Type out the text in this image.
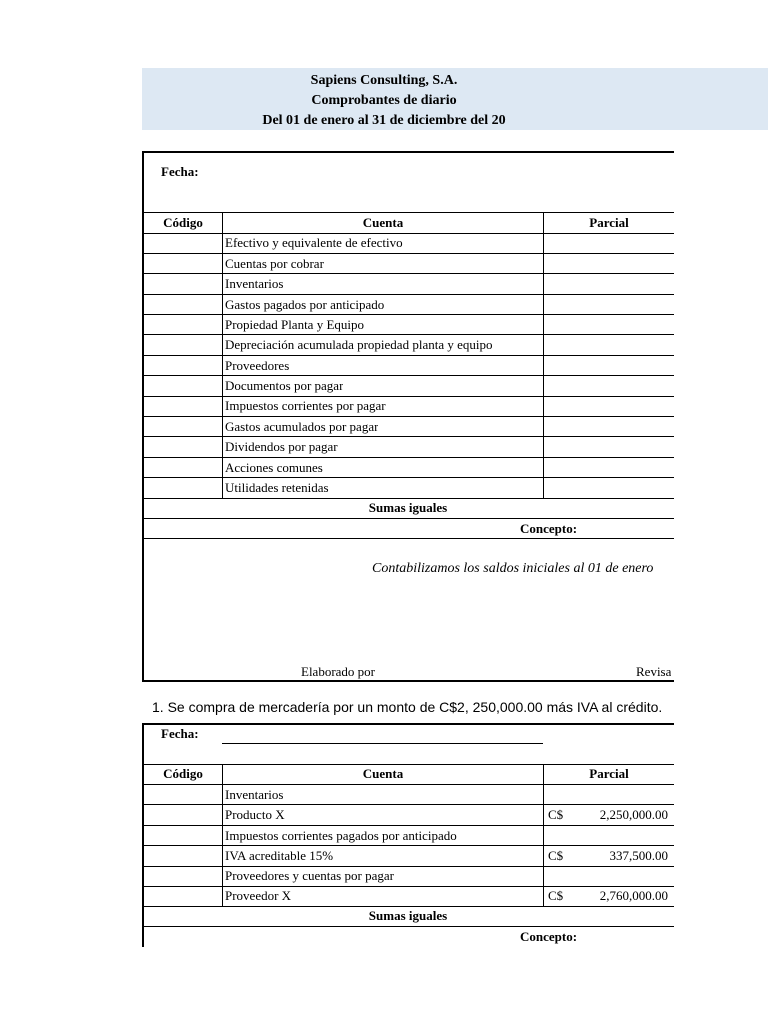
Sapiens Consulting, S.A.
Comprobantes de diario
Del 01 de enero al 31 de diciembre del 20
Fecha:
Código	Cuenta	Parcial
Efectivo y equivalente de efectivo
Cuentas por cobrar
Inventarios
Gastos pagados por anticipado
Propiedad Planta y Equipo
Depreciación acumulada propiedad planta y equipo
Proveedores
Documentos por pagar
Impuestos corrientes por pagar
Gastos acumulados por pagar
Dividendos por pagar
Acciones comunes
Utilidades retenidas
Sumas iguales
Concepto:
Contabilizamos los saldos iniciales al 01 de enero
Elaborado por	Revisa
Fecha:
Código	Cuenta	Parcial
Inventarios
Producto X	C$	2,250,000.00
Impuestos corrientes pagados por anticipado
IVA acreditable 15%	C$	337,500.00
Proveedores y cuentas por pagar
Proveedor X	C$	2,760,000.00
Sumas iguales
Concepto:
1. Se compra de mercadería por un monto de C$2, 250,000.00 más IVA al crédito.
